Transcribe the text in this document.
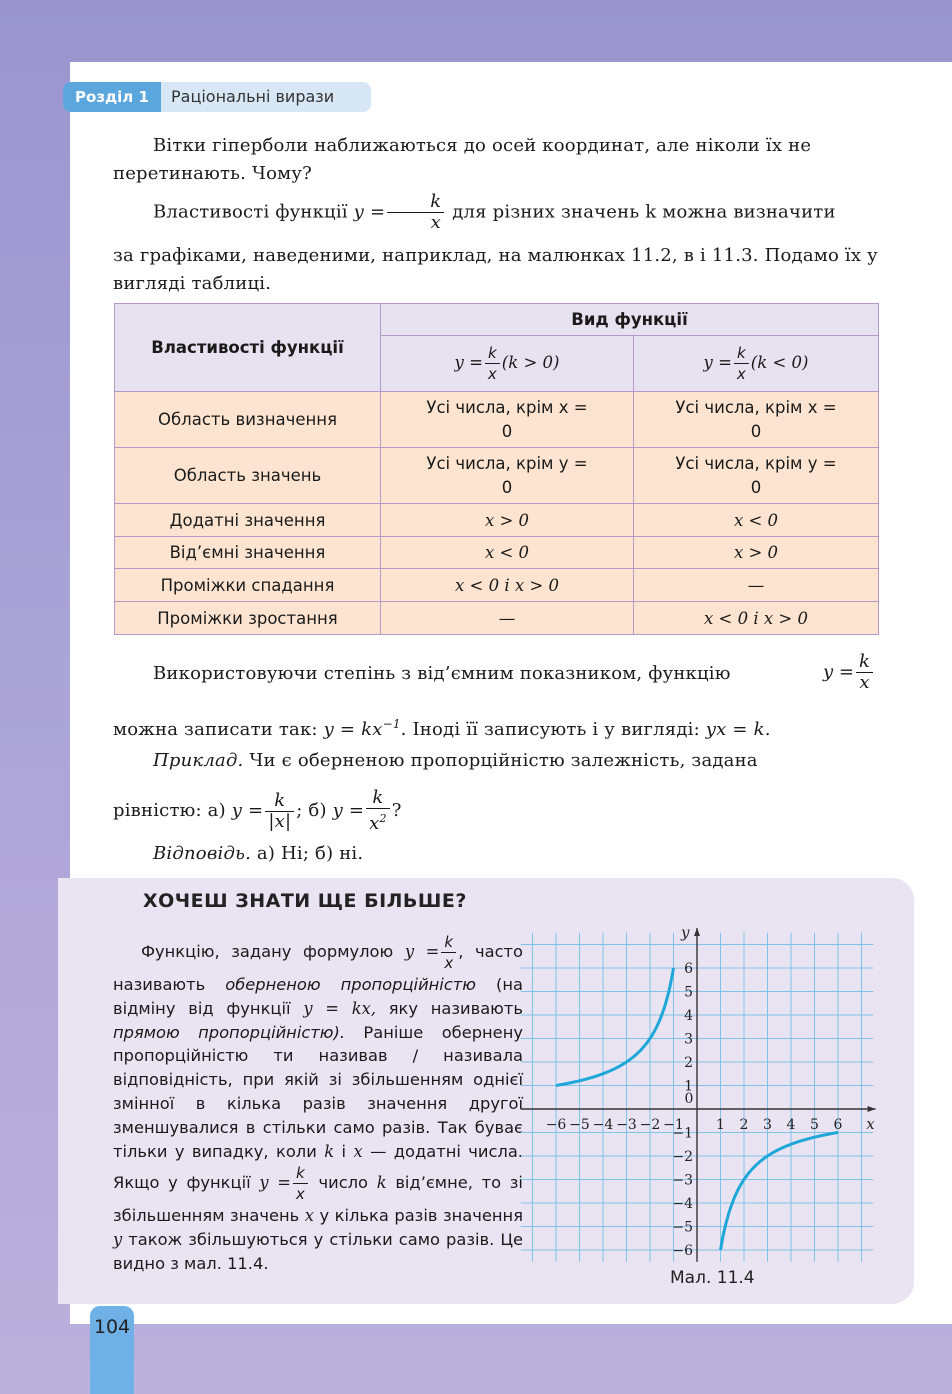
Розділ 1	Раціональні вирази

Вітки гіперболи наближаються до осей координат, але ніколи їх не перетинають. Чому?

Властивості функції $y = \frac{k}{x}$ для різних значень k можна визначити

за графіками, наведеними, наприклад, на малюнках 11.2, в і 11.3. Подамо їх у вигляді таблиці.

Властивості функції	Вид функції	
	$y = \frac{k}{x} (k > 0)$	$y = \frac{k}{x} (k < 0)$
Область визначення	Усі числа, крім x = 0	Усі числа, крім x = 0
Область значень	Усі числа, крім y = 0	Усі числа, крім y = 0
Додатні значення	x > 0	x < 0
Від’ємні значення	x < 0	x > 0
Проміжки спадання	x < 0 і x > 0	—
Проміжки зростання	—	x < 0 і x > 0

Використовуючи степінь з від’ємним показником, функцію	$y = \frac{k}{x}$

можна записати так: $y = kx^{-1}$. Іноді її записують і у вигляді: yx = k.

Приклад. Чи є оберненою пропорційністю залежність, задана

рівністю: а) $y = \frac{k}{|x|}$ ; б) $y = \frac{k}{x^2}$ ?

Відповідь. а) Ні; б) ні.

ХОЧЕШ ЗНАТИ ЩЕ БІЛЬШЕ?
Функцію, задану формулою $y = \frac{k}{x}$ , часто називають оберненою пропорційністю (на відміну від функції y = kx, яку називають прямою пропорційністю). Раніше обернену пропорційністю ти називав / називала відповідність, при якій зі збільшенням однієї змінної в кілька разів значення другої зменшувалися в стільки само разів. Так буває тільки у випадку, коли k і x — додатні числа. Якщо у функції $y = \frac{k}{x}$ число k від’ємне, то зі збільшенням значень x у кілька разів значення y також збільшуються у стільки само разів. Це видно з мал. 11.4.
−6 −5 −4 −3 −2 −1
0
1 2 3 4 5 6
6
5
4
3
2
1
−1
−2
−3
−4
−5
−6
x
y
Мал. 11.4
104
